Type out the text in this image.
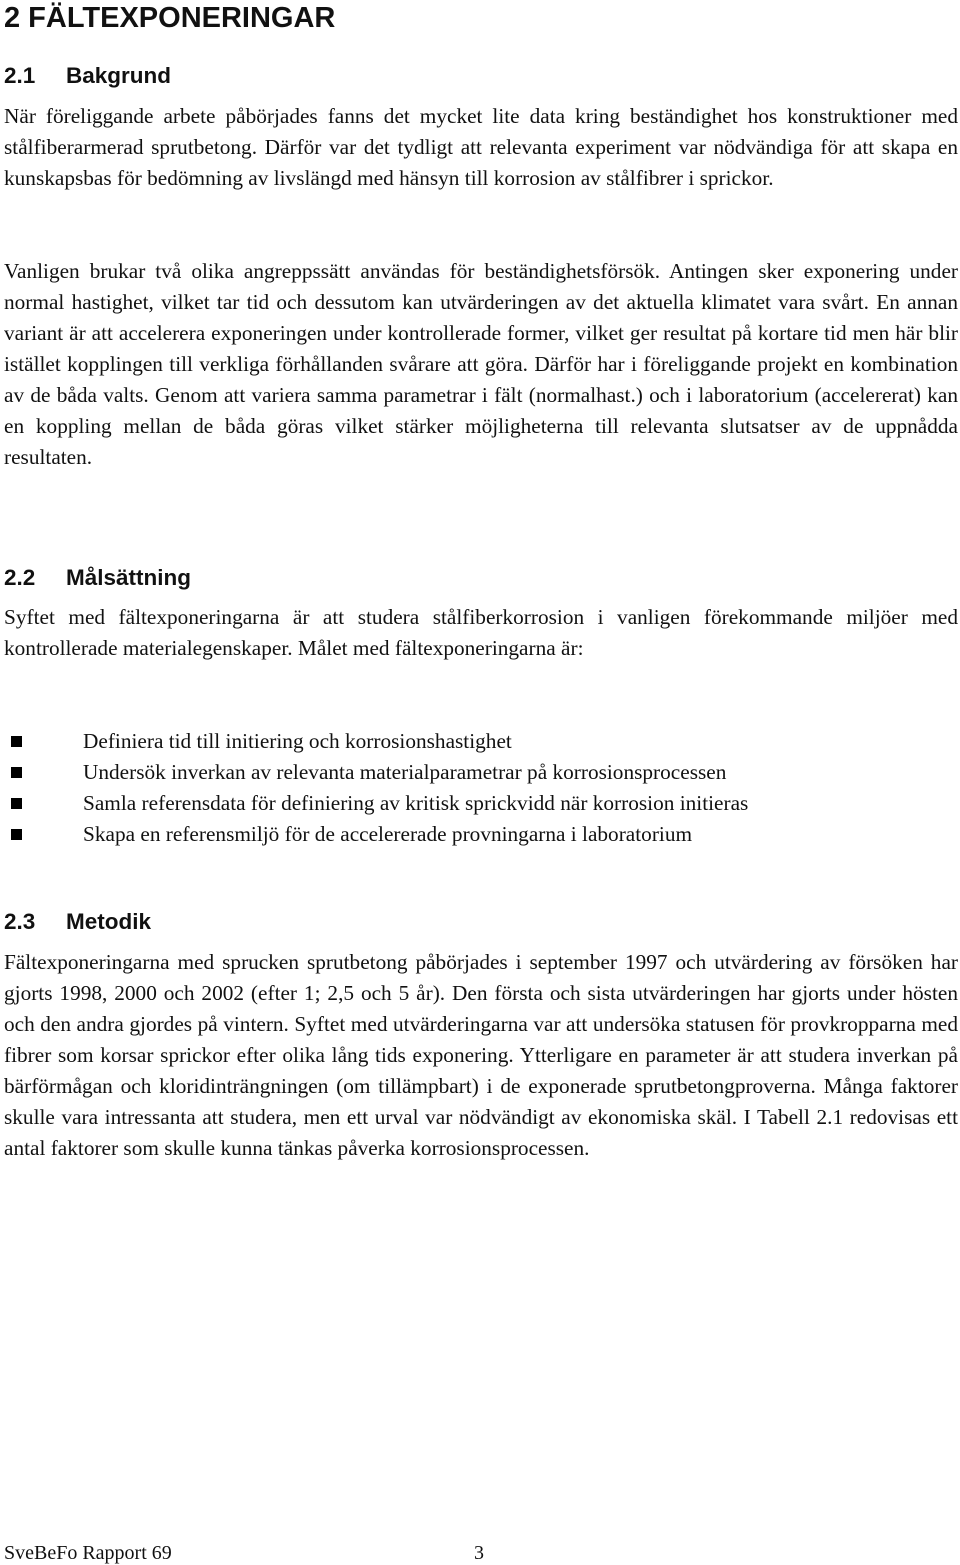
2 FÄLTEXPONERINGAR
2.1 Bakgrund

När föreliggande arbete påbörjades fanns det mycket lite data kring beständighet hos konstruktioner med stålfiberarmerad sprutbetong. Därför var det tydligt att relevanta experiment var nödvändiga för att skapa en kunskapsbas för bedömning av livslängd med hänsyn till korrosion av stålfibrer i sprickor.

Vanligen brukar två olika angreppssätt användas för beständighetsförsök. Antingen sker exponering under normal hastighet, vilket tar tid och dessutom kan utvärderingen av det aktuella klimatet vara svårt. En annan variant är att accelerera exponeringen under kontrollerade former, vilket ger resultat på kortare tid men här blir istället kopplingen till verkliga förhållanden svårare att göra. Därför har i föreliggande projekt en kombination av de båda valts. Genom att variera samma parametrar i fält (normalhast.) och i laboratorium (accelererat) kan en koppling mellan de båda göras vilket stärker möjligheterna till relevanta slutsatser av de uppnådda resultaten.

2.2 Målsättning

Syftet med fältexponeringarna är att studera stålfiberkorrosion i vanligen förekommande miljöer med kontrollerade materialegenskaper. Målet med fältexponeringarna är:

Definiera tid till initiering och korrosionshastighet
Undersök inverkan av relevanta materialparametrar på korrosionsprocessen
Samla referensdata för definiering av kritisk sprickvidd när korrosion initieras
Skapa en referensmiljö för de accelererade provningarna i laboratorium
2.3 Metodik

Fältexponeringarna med sprucken sprutbetong påbörjades i september 1997 och utvärdering av försöken har gjorts 1998, 2000 och 2002 (efter 1; 2,5 och 5 år). Den första och sista utvärderingen har gjorts under hösten och den andra gjordes på vintern. Syftet med utvärderingarna var att undersöka statusen för provkropparna med fibrer som korsar sprickor efter olika lång tids exponering. Ytterligare en parameter är att studera inverkan på bärförmågan och kloridinträngningen (om tillämpbart) i de exponerade sprutbetongproverna. Många faktorer skulle vara intressanta att studera, men ett urval var nödvändigt av ekonomiska skäl. I Tabell 2.1 redovisas ett antal faktorer som skulle kunna tänkas påverka korrosionsprocessen.

SveBeFo Rapport 69	3
